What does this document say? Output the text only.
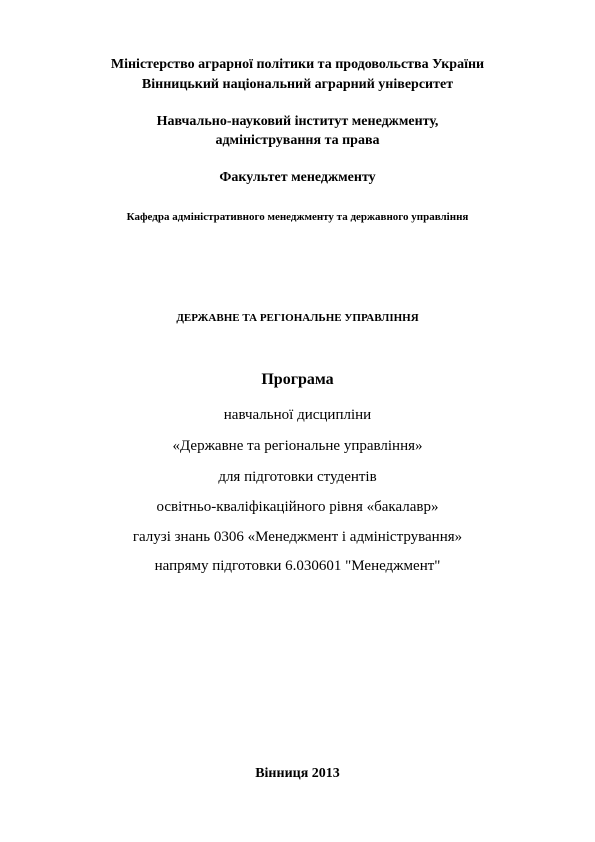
Міністерство аграрної політики та продовольства України
Вінницький національний аграрний університет
Навчально-науковий інститут менеджменту,
адміністрування та права
Факультет менеджменту
Кафедра адміністративного менеджменту та державного управління
ДЕРЖАВНЕ ТА РЕГІОНАЛЬНЕ УПРАВЛІННЯ
Програма
навчальної дисципліни
«Державне та регіональне управління»
для підготовки студентів
освітньо-кваліфікаційного рівня «бакалавр»
галузі знань 0306 «Менеджмент і адміністрування»
напряму підготовки 6.030601 "Менеджмент"
Вінниця 2013
